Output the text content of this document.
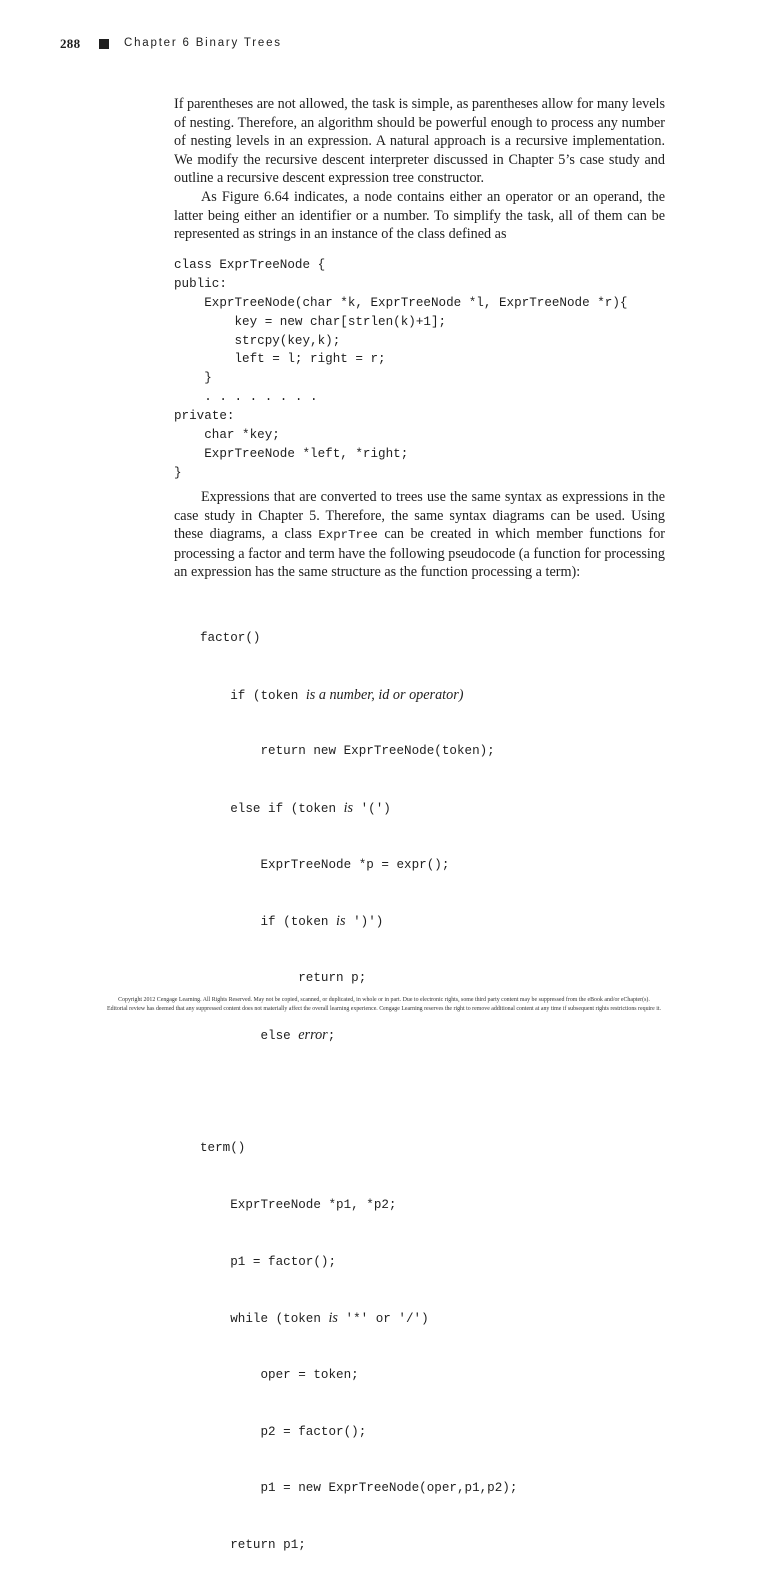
288	Chapter 6 Binary Trees

If parentheses are not allowed, the task is simple, as parentheses allow for many levels of nesting. Therefore, an algorithm should be powerful enough to process any number of nesting levels in an expression. A natural approach is a recursive implementation. We modify the recursive descent interpreter discussed in Chapter 5’s case study and outline a recursive descent expression tree constructor.

As Figure 6.64 indicates, a node contains either an operator or an operand, the latter being either an identifier or a number. To simplify the task, all of them can be represented as strings in an instance of the class defined as

class ExprTreeNode {
public:
ExprTreeNode(char *k, ExprTreeNode *l, ExprTreeNode *r){
key = new char[strlen(k)+1];
strcpy(key,k);
left = l; right = r;
}
. . . . . . . .
private:
char *key;
ExprTreeNode *left, *right;
}

Expressions that are converted to trees use the same syntax as expressions in the case study in Chapter 5. Therefore, the same syntax diagrams can be used. Using these diagrams, a class ExprTree can be created in which member functions for processing a factor and term have the following pseudocode (a function for processing an expression has the same structure as the function processing a term):

factor()

if (token is a number, id or operator)

return new ExprTreeNode(token);

else if (token is '(')

ExprTreeNode *p = expr();

if (token is ')')

return p;

else error;

term()

ExprTreeNode *p1, *p2;

p1 = factor();

while (token is '*' or '/')

oper = token;

p2 = factor();

p1 = new ExprTreeNode(oper,p1,p2);

return p1;

Copyright 2012 Cengage Learning. All Rights Reserved. May not be copied, scanned, or duplicated, in whole or in part. Due to electronic rights, some third party content may be suppressed from the eBook and/or eChapter(s).
Editorial review has deemed that any suppressed content does not materially affect the overall learning experience. Cengage Learning reserves the right to remove additional content at any time if subsequent rights restrictions require it.
